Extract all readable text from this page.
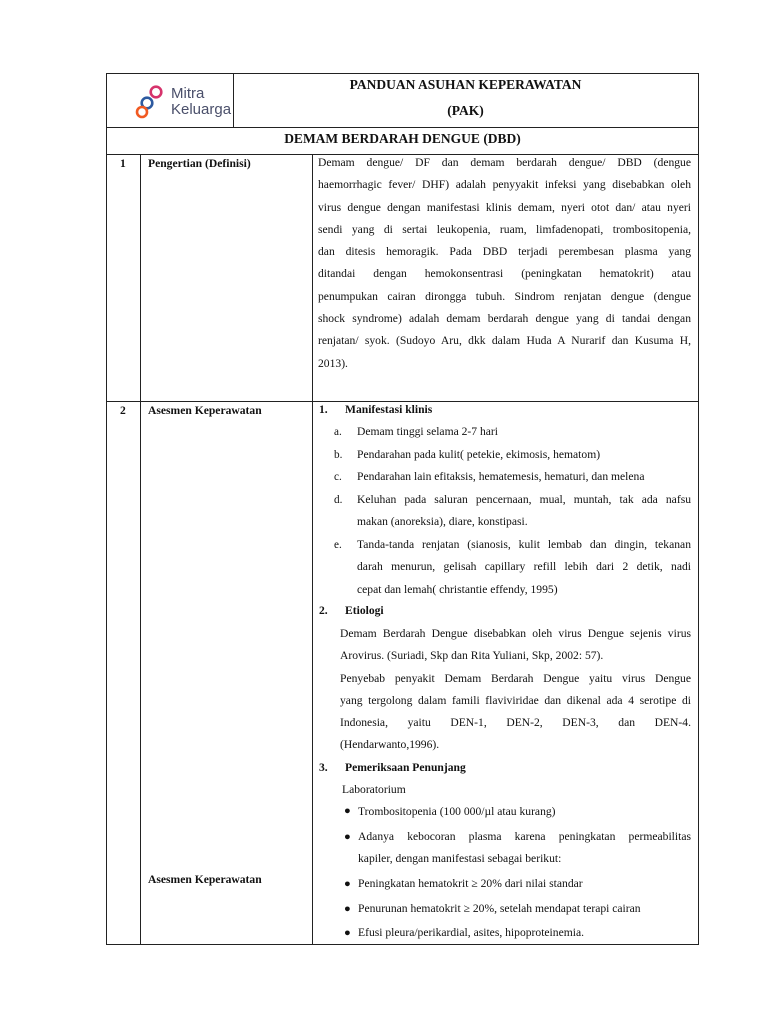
Mitra
Keluarga
PANDUAN ASUHAN KEPERAWATAN
(PAK)
DEMAM BERDARAH DENGUE (DBD)
1 Pengertian (Definisi)	Demam dengue/ DF dan demam berdarah dengue/ DBD (dengue
haemorrhagic fever/ DHF) adalah penyyakit infeksi yang disebabkan oleh
virus dengue dengan manifestasi klinis demam, nyeri otot dan/ atau nyeri
sendi yang di sertai leukopenia, ruam, limfadenopati, trombositopenia,
dan ditesis hemoragik. Pada DBD terjadi perembesan plasma yang
ditandai dengan hemokonsentrasi (peningkatan hematokrit) atau
penumpukan cairan dirongga tubuh. Sindrom renjatan dengue (dengue
shock syndrome) adalah demam berdarah dengue yang di tandai dengan
renjatan/ syok. (Sudoyo Aru, dkk dalam Huda A Nurarif dan Kusuma H,
2013).
2 Asesmen Keperawatan
Asesmen Keperawatan
1. Manifestasi klinis
a. Demam tinggi selama 2-7 hari
b. Pendarahan pada kulit( petekie, ekimosis, hematom)
c. Pendarahan lain efitaksis, hematemesis, hematuri, dan melena
d. Keluhan pada saluran pencernaan, mual, muntah, tak ada nafsu
makan (anoreksia), diare, konstipasi.
e. Tanda-tanda renjatan (sianosis, kulit lembab dan dingin, tekanan
darah menurun, gelisah capillary refill lebih dari 2 detik, nadi
cepat dan lemah( christantie effendy, 1995)
2. Etiologi
Demam Berdarah Dengue disebabkan oleh virus Dengue sejenis virus
Arovirus. (Suriadi, Skp dan Rita Yuliani, Skp, 2002: 57).
Penyebab penyakit Demam Berdarah Dengue yaitu virus Dengue
yang tergolong dalam famili flaviviridae dan dikenal ada 4 serotipe di
Indonesia, yaitu DEN-1, DEN-2, DEN-3, dan DEN-4.
(Hendarwanto,1996).
3. Pemeriksaan Penunjang
Laboratorium
● Trombositopenia (100 000/µl atau kurang)
● Adanya kebocoran plasma karena peningkatan permeabilitas
kapiler, dengan manifestasi sebagai berikut:
● Peningkatan hematokrit ≥ 20% dari nilai standar
● Penurunan hematokrit ≥ 20%, setelah mendapat terapi cairan
● Efusi pleura/perikardial, asites, hipoproteinemia.
